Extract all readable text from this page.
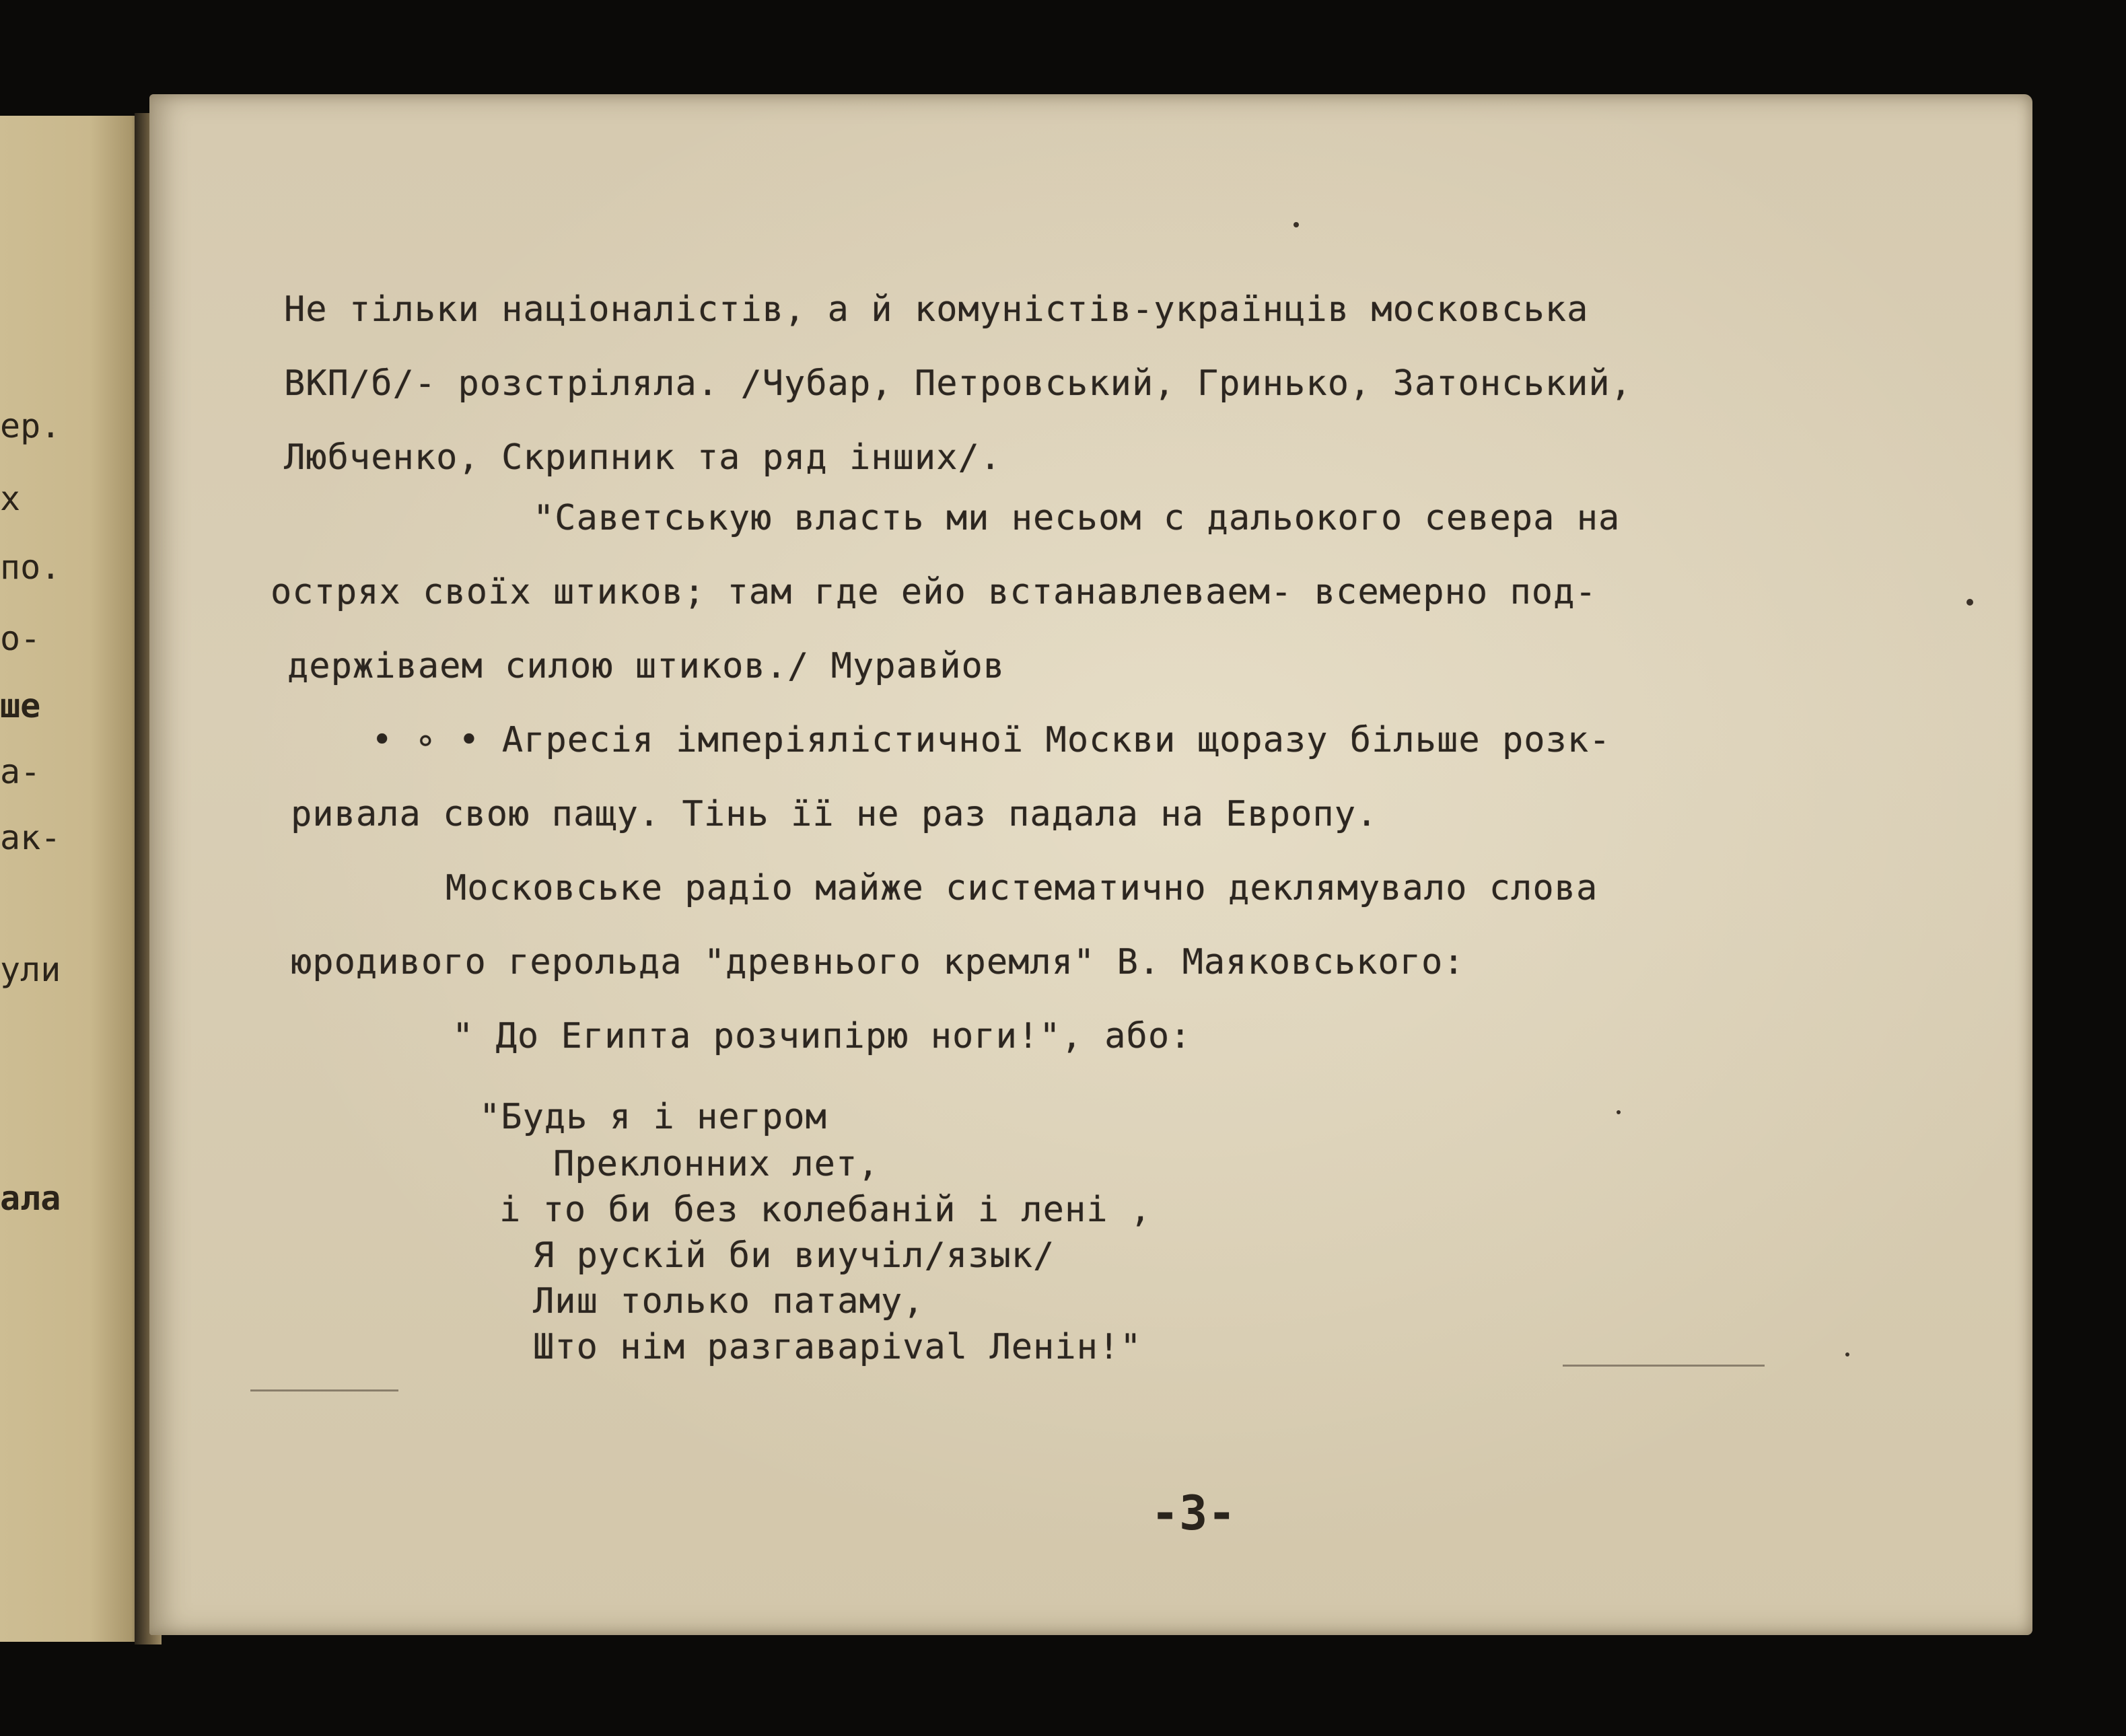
ер.
х
по.
о-
ше
а-
ак-
ули
ала
Не тільки націоналістів, а й комуністів-українців московська
ВКП/б/- розстріляла. /Чубар, Петровський, Гринько, Затонський,
Любченко, Скрипник та ряд інших/.
"Саветськую власть ми несьом с дальокого севера на
острях своїх штиков; там где ейо встанавлеваем- всемерно под-
держіваем силою штиков./ Муравйов
• ∘ • Агресія імперіялістичної Москви щоразу більше розк-
ривала свою пащу. Тінь її не раз падала на Европу.
Московське радіо майже систематично деклямувало слова
юродивого герольда "древнього кремля" В. Маяковського:
" До Египта розчипірю ноги!", або:
"Будь я і негром
Преклонних лет,
і то би без колебаній і лені ,
Я рускій би виучіл/язык/
Лиш только патаму,
Што нім разгаваріval Ленін!"
-3-
